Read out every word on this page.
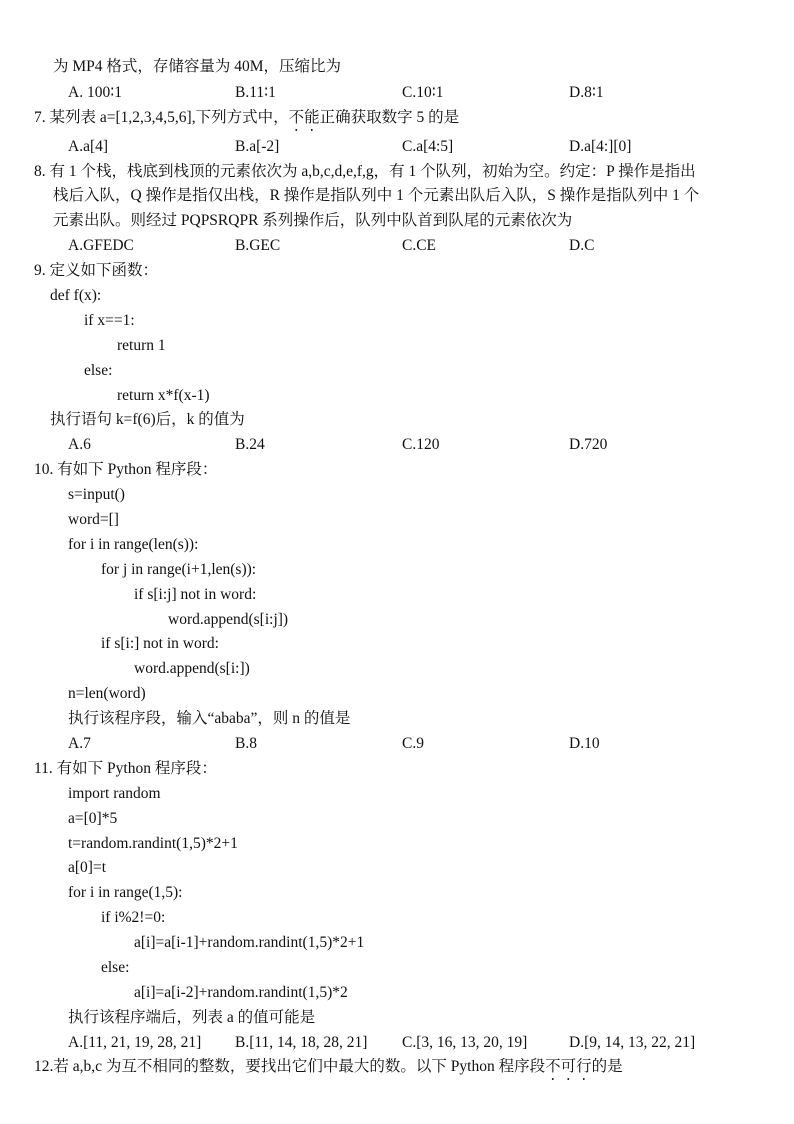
为 MP4 格式，存储容量为 40M，压缩比为
A. 100∶1	B.11∶1	C.10∶1	D.8∶1
7. 某列表 a=[1,2,3,4,5,6],下列方式中，不能正确获取数字 5 的是
A.a[4]	B.a[-2]	C.a[4:5]	D.a[4:][0]
8. 有 1 个栈，栈底到栈顶的元素依次为 a,b,c,d,e,f,g，有 1 个队列，初始为空。约定：P 操作是指出
栈后入队，Q 操作是指仅出栈，R 操作是指队列中 1 个元素出队后入队，S 操作是指队列中 1 个
元素出队。则经过 PQPSRQPR 系列操作后，队列中队首到队尾的元素依次为
A.GFEDC	B.GEC	C.CE	D.C
9. 定义如下函数：
def f(x):
if x==1:
return 1
else:
return x*f(x-1)
执行语句 k=f(6)后，k 的值为
A.6	B.24	C.120	D.720
10. 有如下 Python 程序段：
s=input()
word=[]
for i in range(len(s)):
for j in range(i+1,len(s)):
if s[i:j] not in word:
word.append(s[i:j])
if s[i:] not in word:
word.append(s[i:])
n=len(word)
执行该程序段，输入“ababa”，则 n 的值是
A.7	B.8	C.9	D.10
11. 有如下 Python 程序段：
import random
a=[0]*5
t=random.randint(1,5)*2+1
a[0]=t
for i in range(1,5):
if i%2!=0:
a[i]=a[i-1]+random.randint(1,5)*2+1
else:
a[i]=a[i-2]+random.randint(1,5)*2
执行该程序端后，列表 a 的值可能是
A.[11, 21, 19, 28, 21] B.[11, 14, 18, 28, 21] C.[3, 16, 13, 20, 19]	D.[9, 14, 13, 22, 21]
12.若 a,b,c 为互不相同的整数，要找出它们中最大的数。以下 Python 程序段不可行的是
